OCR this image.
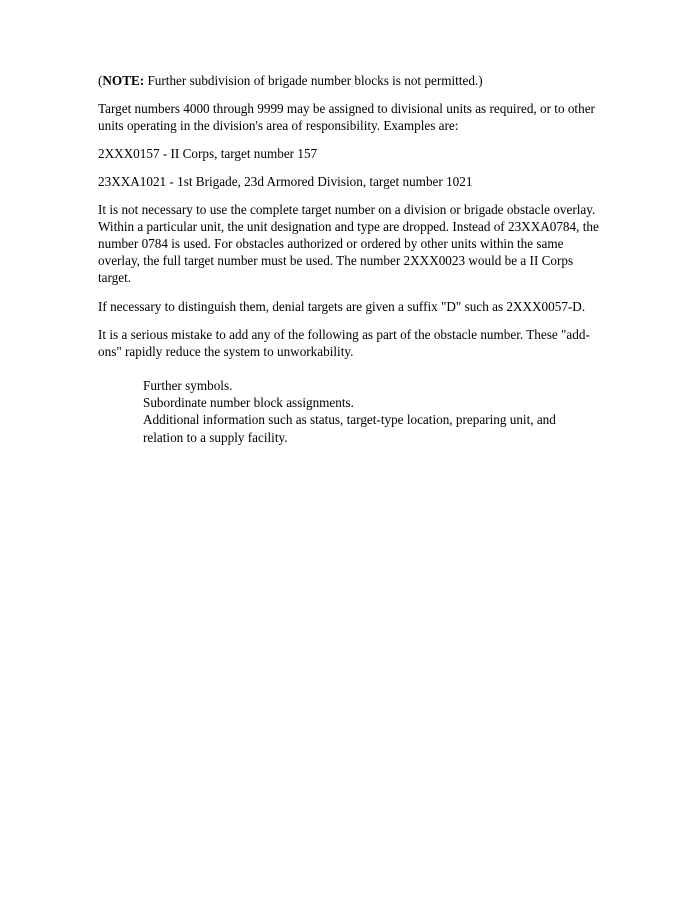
(NOTE: Further subdivision of brigade number blocks is not permitted.)

Target numbers 4000 through 9999 may be assigned to divisional units as required, or to other units operating in the division's area of responsibility. Examples are:

2XXX0157 - II Corps, target number 157

23XXA1021 - 1st Brigade, 23d Armored Division, target number 1021

It is not necessary to use the complete target number on a division or brigade obstacle overlay. Within a particular unit, the unit designation and type are dropped. Instead of 23XXA0784, the number 0784 is used. For obstacles authorized or ordered by other units within the same overlay, the full target number must be used. The number 2XXX0023 would be a II Corps target.

If necessary to distinguish them, denial targets are given a suffix "D" such as 2XXX0057-D.

It is a serious mistake to add any of the following as part of the obstacle number. These "add-ons" rapidly reduce the system to unworkability.

Further symbols.

Subordinate number block assignments.

Additional information such as status, target-type location, preparing unit, and relation to a supply facility.
